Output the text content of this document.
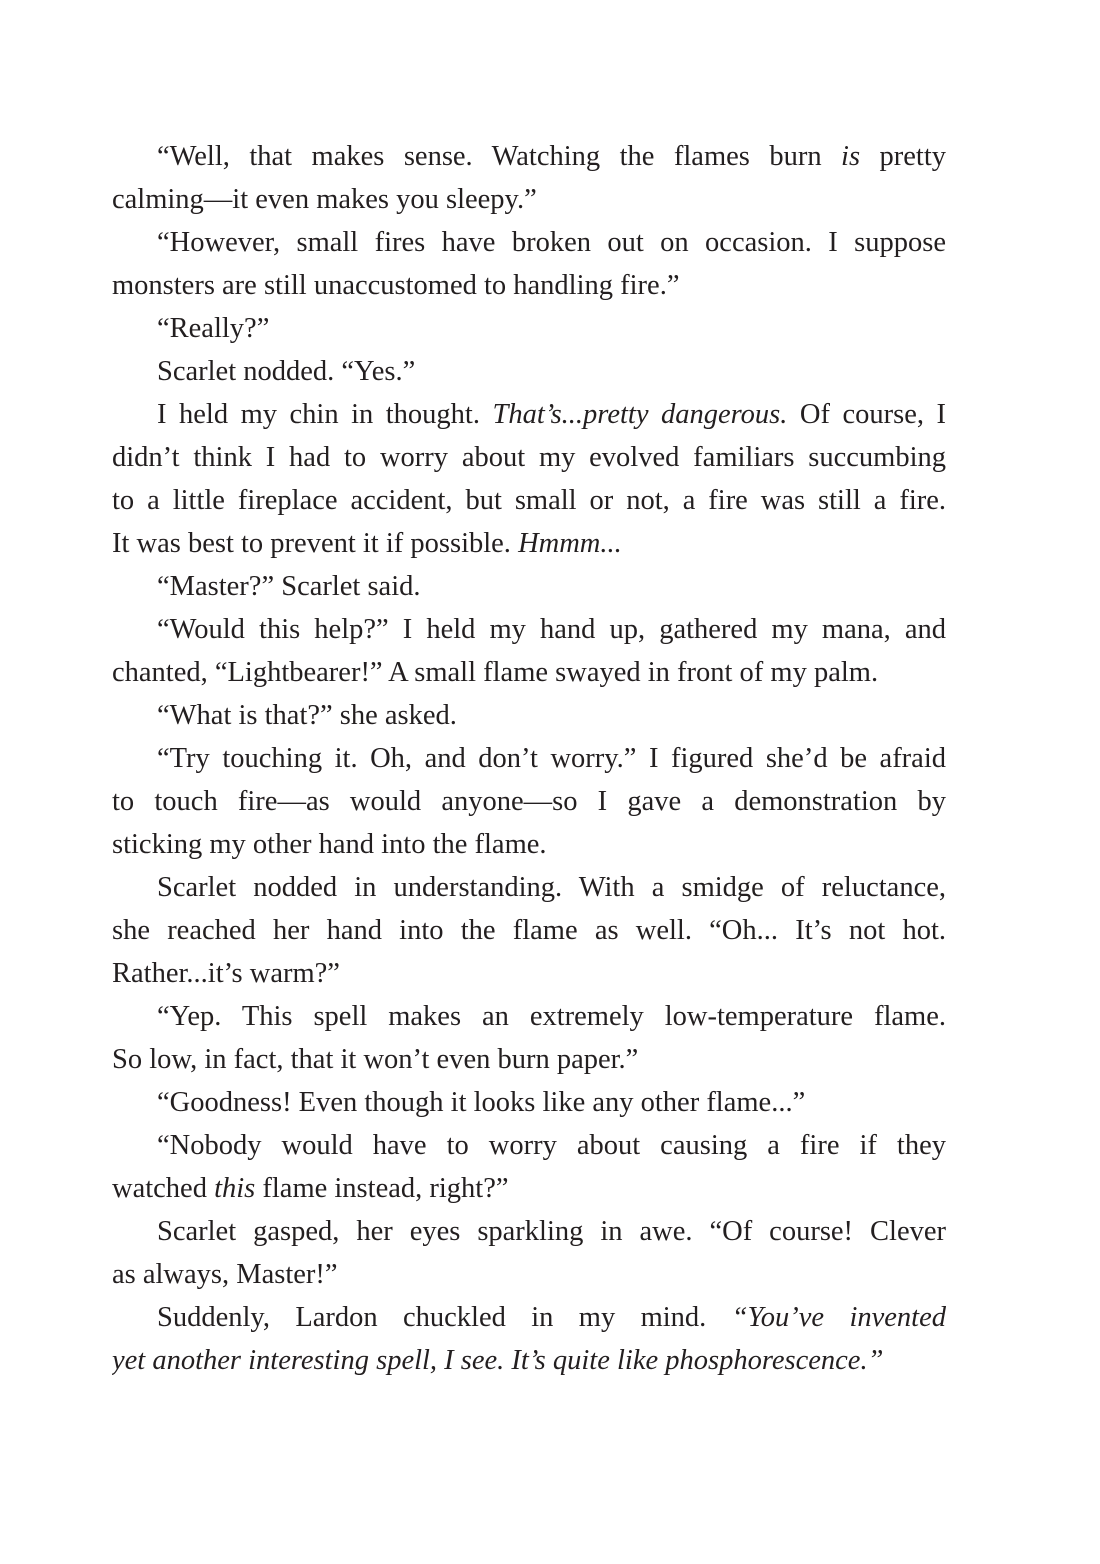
“Well, that makes sense. Watching the flames burn is pretty
calming—it even makes you sleepy.”
“However, small fires have broken out on occasion. I suppose
monsters are still unaccustomed to handling fire.”
“Really?”
Scarlet nodded. “Yes.”
I held my chin in thought. That’s...pretty dangerous. Of course, I
didn’t think I had to worry about my evolved familiars succumbing
to a little fireplace accident, but small or not, a fire was still a fire.
It was best to prevent it if possible. Hmmm...
“Master?” Scarlet said.
“Would this help?” I held my hand up, gathered my mana, and
chanted, “Lightbearer!” A small flame swayed in front of my palm.
“What is that?” she asked.
“Try touching it. Oh, and don’t worry.” I figured she’d be afraid
to touch fire—as would anyone—so I gave a demonstration by
sticking my other hand into the flame.
Scarlet nodded in understanding. With a smidge of reluctance,
she reached her hand into the flame as well. “Oh... It’s not hot.
Rather...it’s warm?”
“Yep. This spell makes an extremely low-temperature flame.
So low, in fact, that it won’t even burn paper.”
“Goodness! Even though it looks like any other flame...”
“Nobody would have to worry about causing a fire if they
watched this flame instead, right?”
Scarlet gasped, her eyes sparkling in awe. “Of course! Clever
as always, Master!”
Suddenly, Lardon chuckled in my mind. “You’ve invented
yet another interesting spell, I see. It’s quite like phosphorescence.”
